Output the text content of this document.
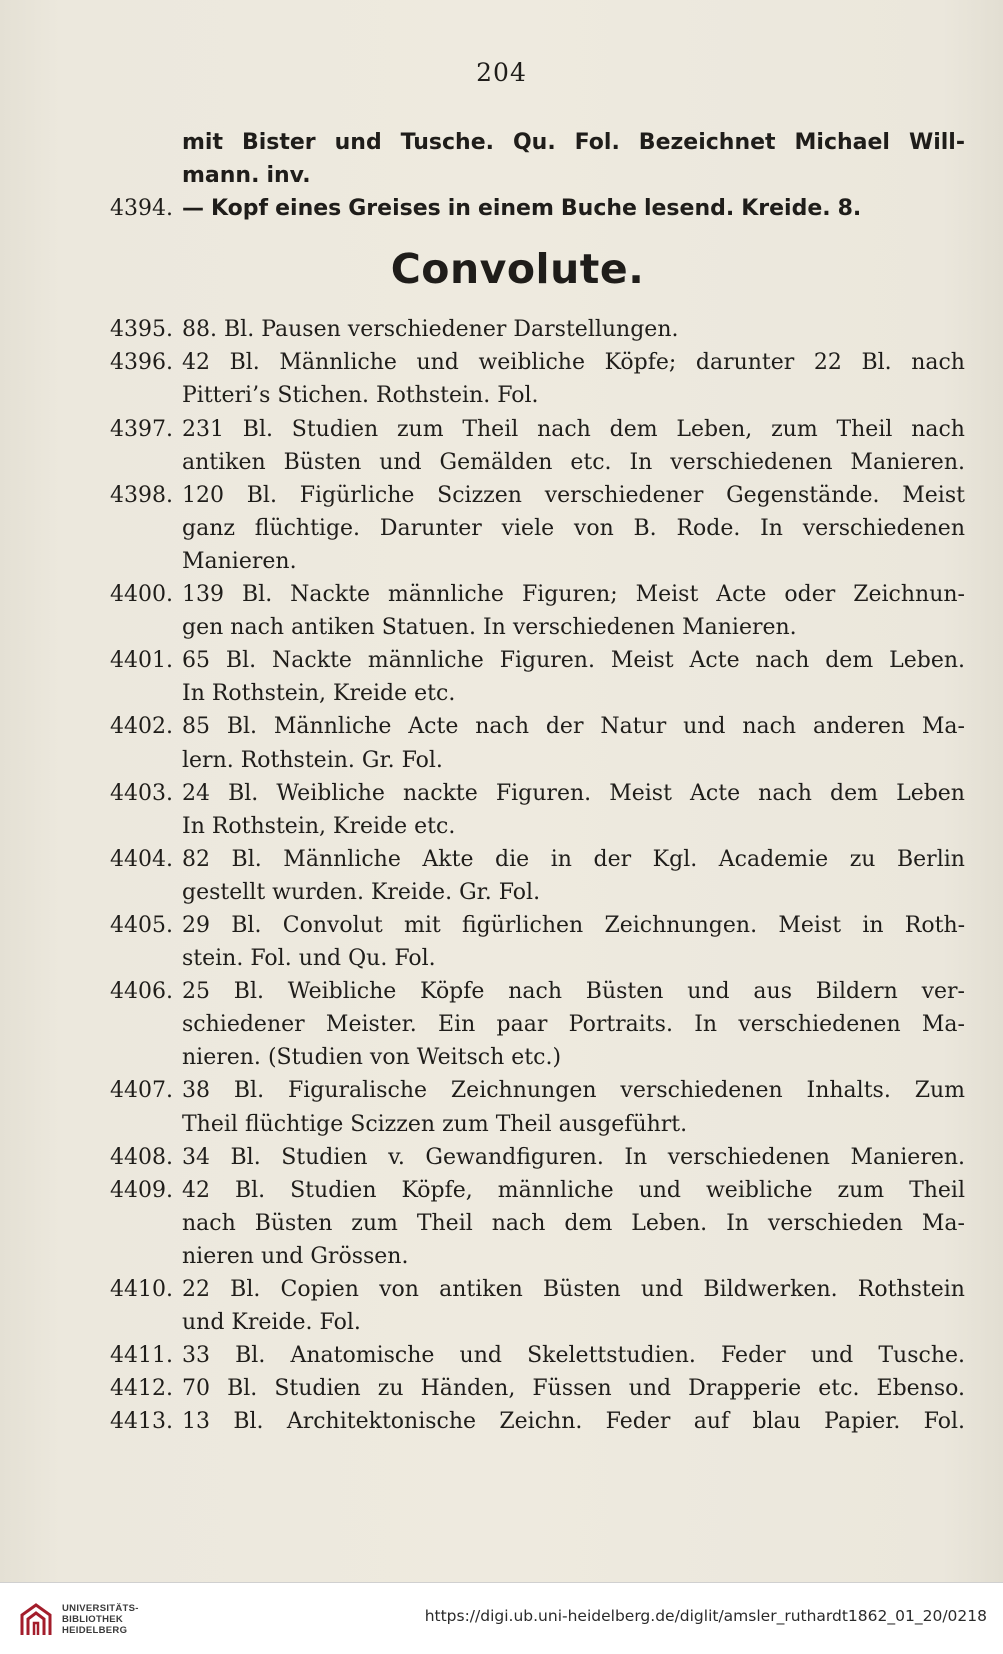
204
mit Bister und Tusche. Qu. Fol. Bezeichnet Michael Will-
mann. inv.
4394. — Kopf eines Greises in einem Buche lesend. Kreide. 8.
Convolute.
4395. 88. Bl. Pausen verschiedener Darstellungen.
4396. 42 Bl. Männliche und weibliche Köpfe; darunter 22 Bl. nach
Pitteri’s Stichen. Rothstein. Fol.
4397. 231 Bl. Studien zum Theil nach dem Leben, zum Theil nach
antiken Büsten und Gemälden etc. In verschiedenen Manieren.
4398. 120 Bl. Figürliche Scizzen verschiedener Gegenstände. Meist
ganz flüchtige. Darunter viele von B. Rode. In verschiedenen
Manieren.
4400. 139 Bl. Nackte männliche Figuren; Meist Acte oder Zeichnun-
gen nach antiken Statuen. In verschiedenen Manieren.
4401. 65 Bl. Nackte männliche Figuren. Meist Acte nach dem Leben.
In Rothstein, Kreide etc.
4402. 85 Bl. Männliche Acte nach der Natur und nach anderen Ma-
lern. Rothstein. Gr. Fol.
4403. 24 Bl. Weibliche nackte Figuren. Meist Acte nach dem Leben
In Rothstein, Kreide etc.
4404. 82 Bl. Männliche Akte die in der Kgl. Academie zu Berlin
gestellt wurden. Kreide. Gr. Fol.
4405. 29 Bl. Convolut mit figürlichen Zeichnungen. Meist in Roth-
stein. Fol. und Qu. Fol.
4406. 25 Bl. Weibliche Köpfe nach Büsten und aus Bildern ver-
schiedener Meister. Ein paar Portraits. In verschiedenen Ma-
nieren. (Studien von Weitsch etc.)
4407. 38 Bl. Figuralische Zeichnungen verschiedenen Inhalts. Zum
Theil flüchtige Scizzen zum Theil ausgeführt.
4408. 34 Bl. Studien v. Gewandfiguren. In verschiedenen Manieren.
4409. 42 Bl. Studien Köpfe, männliche und weibliche zum Theil
nach Büsten zum Theil nach dem Leben. In verschieden Ma-
nieren und Grössen.
4410. 22 Bl. Copien von antiken Büsten und Bildwerken. Rothstein
und Kreide. Fol.
4411. 33 Bl. Anatomische und Skelettstudien. Feder und Tusche.
4412. 70 Bl. Studien zu Händen, Füssen und Drapperie etc. Ebenso.
4413. 13 Bl. Architektonische Zeichn. Feder auf blau Papier. Fol.
UNIVERSITÄTS-
BIBLIOTHEK
HEIDELBERG
https://digi.ub.uni-heidelberg.de/diglit/amsler_ruthardt1862_01_20/0218
